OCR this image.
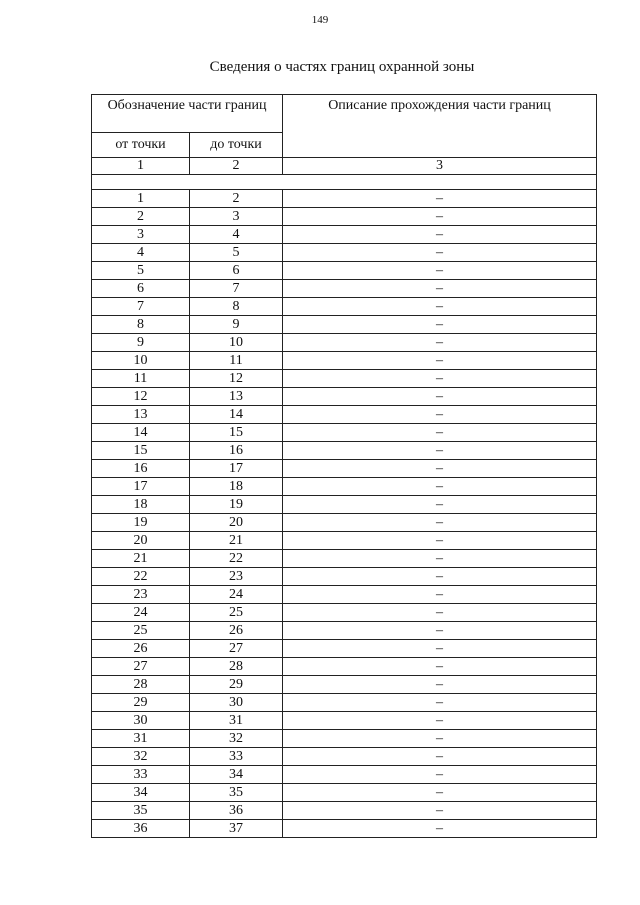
149
Сведения о частях границ охранной зоны
Обозначение части границ		Описание прохождения части границ
от точки	до точки	
1	2	3

1	2	–
2	3	–
3	4	–
4	5	–
5	6	–
6	7	–
7	8	–
8	9	–
9	10	–
10	11	–
11	12	–
12	13	–
13	14	–
14	15	–
15	16	–
16	17	–
17	18	–
18	19	–
19	20	–
20	21	–
21	22	–
22	23	–
23	24	–
24	25	–
25	26	–
26	27	–
27	28	–
28	29	–
29	30	–
30	31	–
31	32	–
32	33	–
33	34	–
34	35	–
35	36	–
36	37	–
